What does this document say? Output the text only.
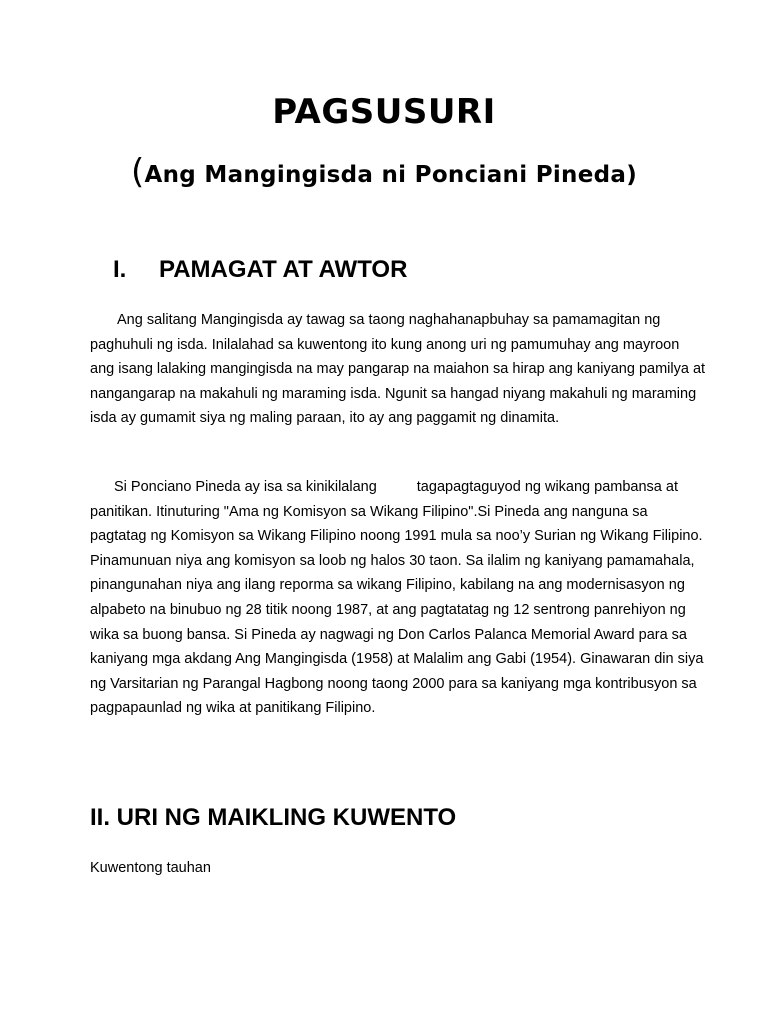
PAGSUSURI
(Ang Mangingisda ni Ponciani Pineda)
I. PAMAGAT AT AWTOR

Ang salitang Mangingisda ay tawag sa taong naghahanapbuhay sa pamamagitan ng
paghuhuli ng isda. Inilalahad sa kuwentong ito kung anong uri ng pamumuhay ang mayroon
ang isang lalaking mangingisda na may pangarap na maiahon sa hirap ang kaniyang pamilya at
nangangarap na makahuli ng maraming isda. Ngunit sa hangad niyang makahuli ng maraming
isda ay gumamit siya ng maling paraan, ito ay ang paggamit ng dinamita.

Si Ponciano Pineda ay isa sa kinikilalang	tagapagtaguyod ng wikang pambansa at
panitikan. Itinuturing "Ama ng Komisyon sa Wikang Filipino".Si Pineda ang nanguna sa
pagtatag ng Komisyon sa Wikang Filipino noong 1991 mula sa noo’y Surian ng Wikang Filipino.
Pinamunuan niya ang komisyon sa loob ng halos 30 taon. Sa ilalim ng kaniyang pamamahala,
pinangunahan niya ang ilang reporma sa wikang Filipino, kabilang na ang modernisasyon ng
alpabeto na binubuo ng 28 titik noong 1987, at ang pagtatatag ng 12 sentrong panrehiyon ng
wika sa buong bansa. Si Pineda ay nagwagi ng Don Carlos Palanca Memorial Award para sa
kaniyang mga akdang Ang Mangingisda (1958) at Malalim ang Gabi (1954). Ginawaran din siya
ng Varsitarian ng Parangal Hagbong noong taong 2000 para sa kaniyang mga kontribusyon sa
pagpapaunlad ng wika at panitikang Filipino.

II. URI NG MAIKLING KUWENTO

Kuwentong tauhan
